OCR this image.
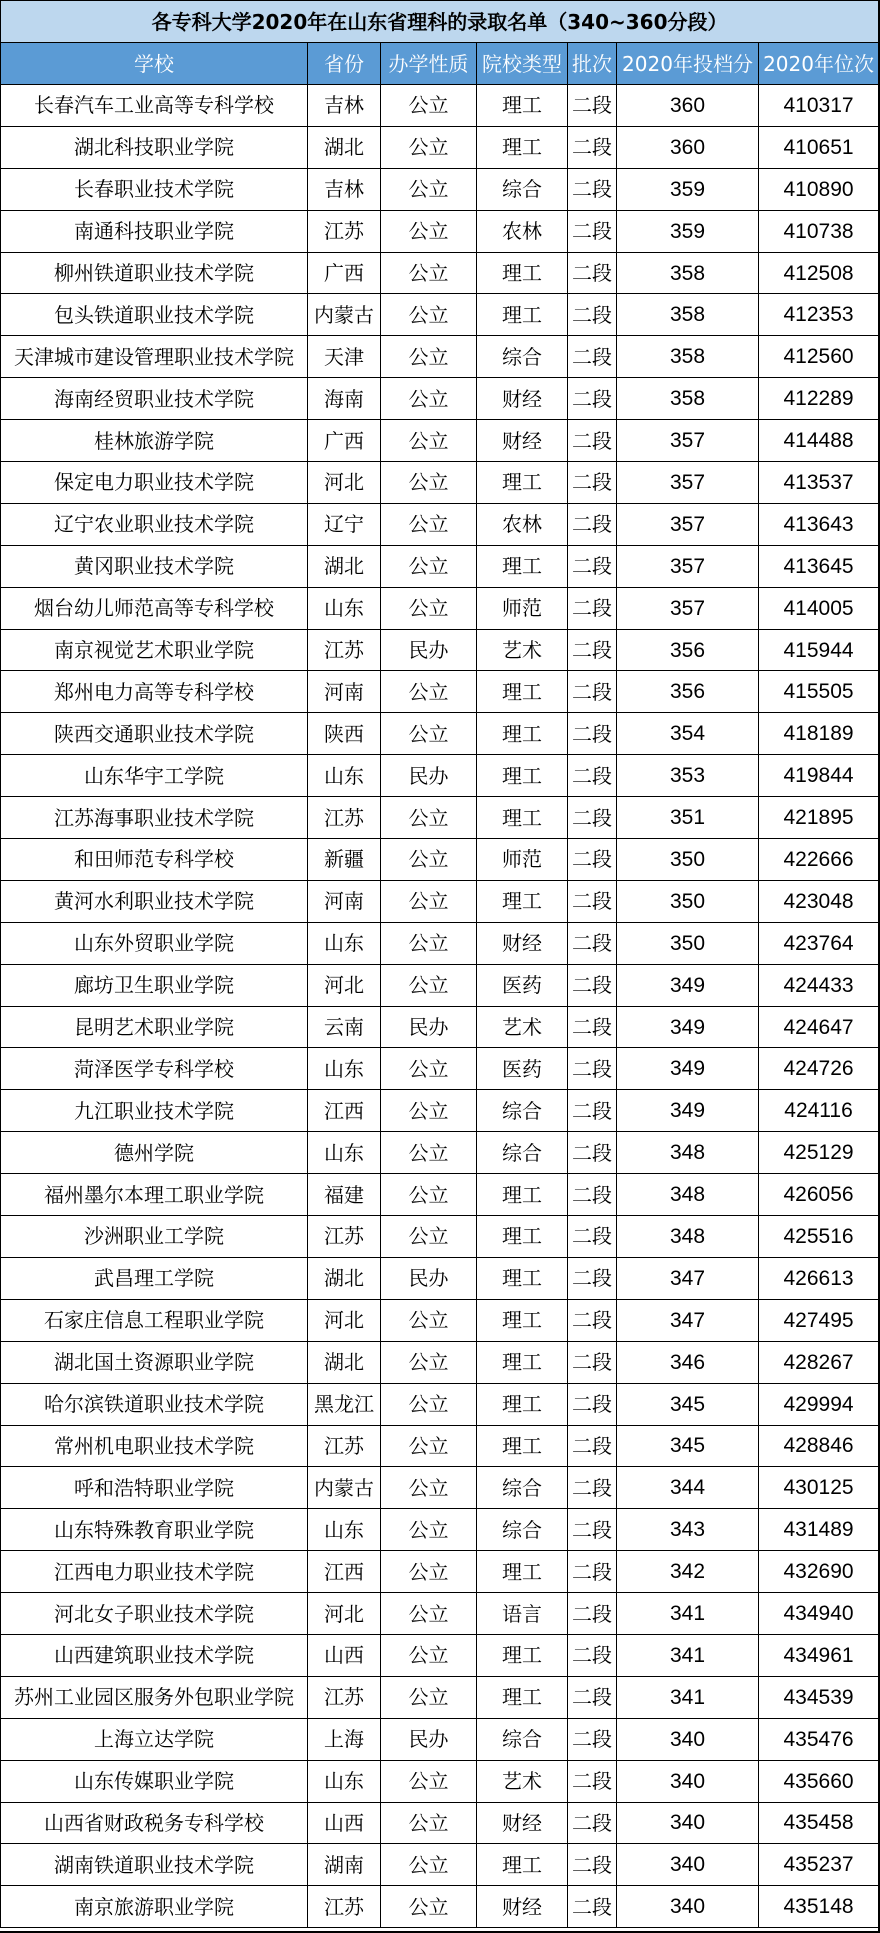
各专科大学2020年在山东省理科的录取名单（340~360分段）						
学校	省份	办学性质	院校类型	批次	2020年投档分	2020年位次
长春汽车工业高等专科学校	吉林	公立	理工	二段	360	410317
湖北科技职业学院	湖北	公立	理工	二段	360	410651
长春职业技术学院	吉林	公立	综合	二段	359	410890
南通科技职业学院	江苏	公立	农林	二段	359	410738
柳州铁道职业技术学院	广西	公立	理工	二段	358	412508
包头铁道职业技术学院	内蒙古	公立	理工	二段	358	412353
天津城市建设管理职业技术学院	天津	公立	综合	二段	358	412560
海南经贸职业技术学院	海南	公立	财经	二段	358	412289
桂林旅游学院	广西	公立	财经	二段	357	414488
保定电力职业技术学院	河北	公立	理工	二段	357	413537
辽宁农业职业技术学院	辽宁	公立	农林	二段	357	413643
黄冈职业技术学院	湖北	公立	理工	二段	357	413645
烟台幼儿师范高等专科学校	山东	公立	师范	二段	357	414005
南京视觉艺术职业学院	江苏	民办	艺术	二段	356	415944
郑州电力高等专科学校	河南	公立	理工	二段	356	415505
陕西交通职业技术学院	陕西	公立	理工	二段	354	418189
山东华宇工学院	山东	民办	理工	二段	353	419844
江苏海事职业技术学院	江苏	公立	理工	二段	351	421895
和田师范专科学校	新疆	公立	师范	二段	350	422666
黄河水利职业技术学院	河南	公立	理工	二段	350	423048
山东外贸职业学院	山东	公立	财经	二段	350	423764
廊坊卫生职业学院	河北	公立	医药	二段	349	424433
昆明艺术职业学院	云南	民办	艺术	二段	349	424647
菏泽医学专科学校	山东	公立	医药	二段	349	424726
九江职业技术学院	江西	公立	综合	二段	349	424116
德州学院	山东	公立	综合	二段	348	425129
福州墨尔本理工职业学院	福建	公立	理工	二段	348	426056
沙洲职业工学院	江苏	公立	理工	二段	348	425516
武昌理工学院	湖北	民办	理工	二段	347	426613
石家庄信息工程职业学院	河北	公立	理工	二段	347	427495
湖北国土资源职业学院	湖北	公立	理工	二段	346	428267
哈尔滨铁道职业技术学院	黑龙江	公立	理工	二段	345	429994
常州机电职业技术学院	江苏	公立	理工	二段	345	428846
呼和浩特职业学院	内蒙古	公立	综合	二段	344	430125
山东特殊教育职业学院	山东	公立	综合	二段	343	431489
江西电力职业技术学院	江西	公立	理工	二段	342	432690
河北女子职业技术学院	河北	公立	语言	二段	341	434940
山西建筑职业技术学院	山西	公立	理工	二段	341	434961
苏州工业园区服务外包职业学院	江苏	公立	理工	二段	341	434539
上海立达学院	上海	民办	综合	二段	340	435476
山东传媒职业学院	山东	公立	艺术	二段	340	435660
山西省财政税务专科学校	山西	公立	财经	二段	340	435458
湖南铁道职业技术学院	湖南	公立	理工	二段	340	435237
南京旅游职业学院	江苏	公立	财经	二段	340	435148
